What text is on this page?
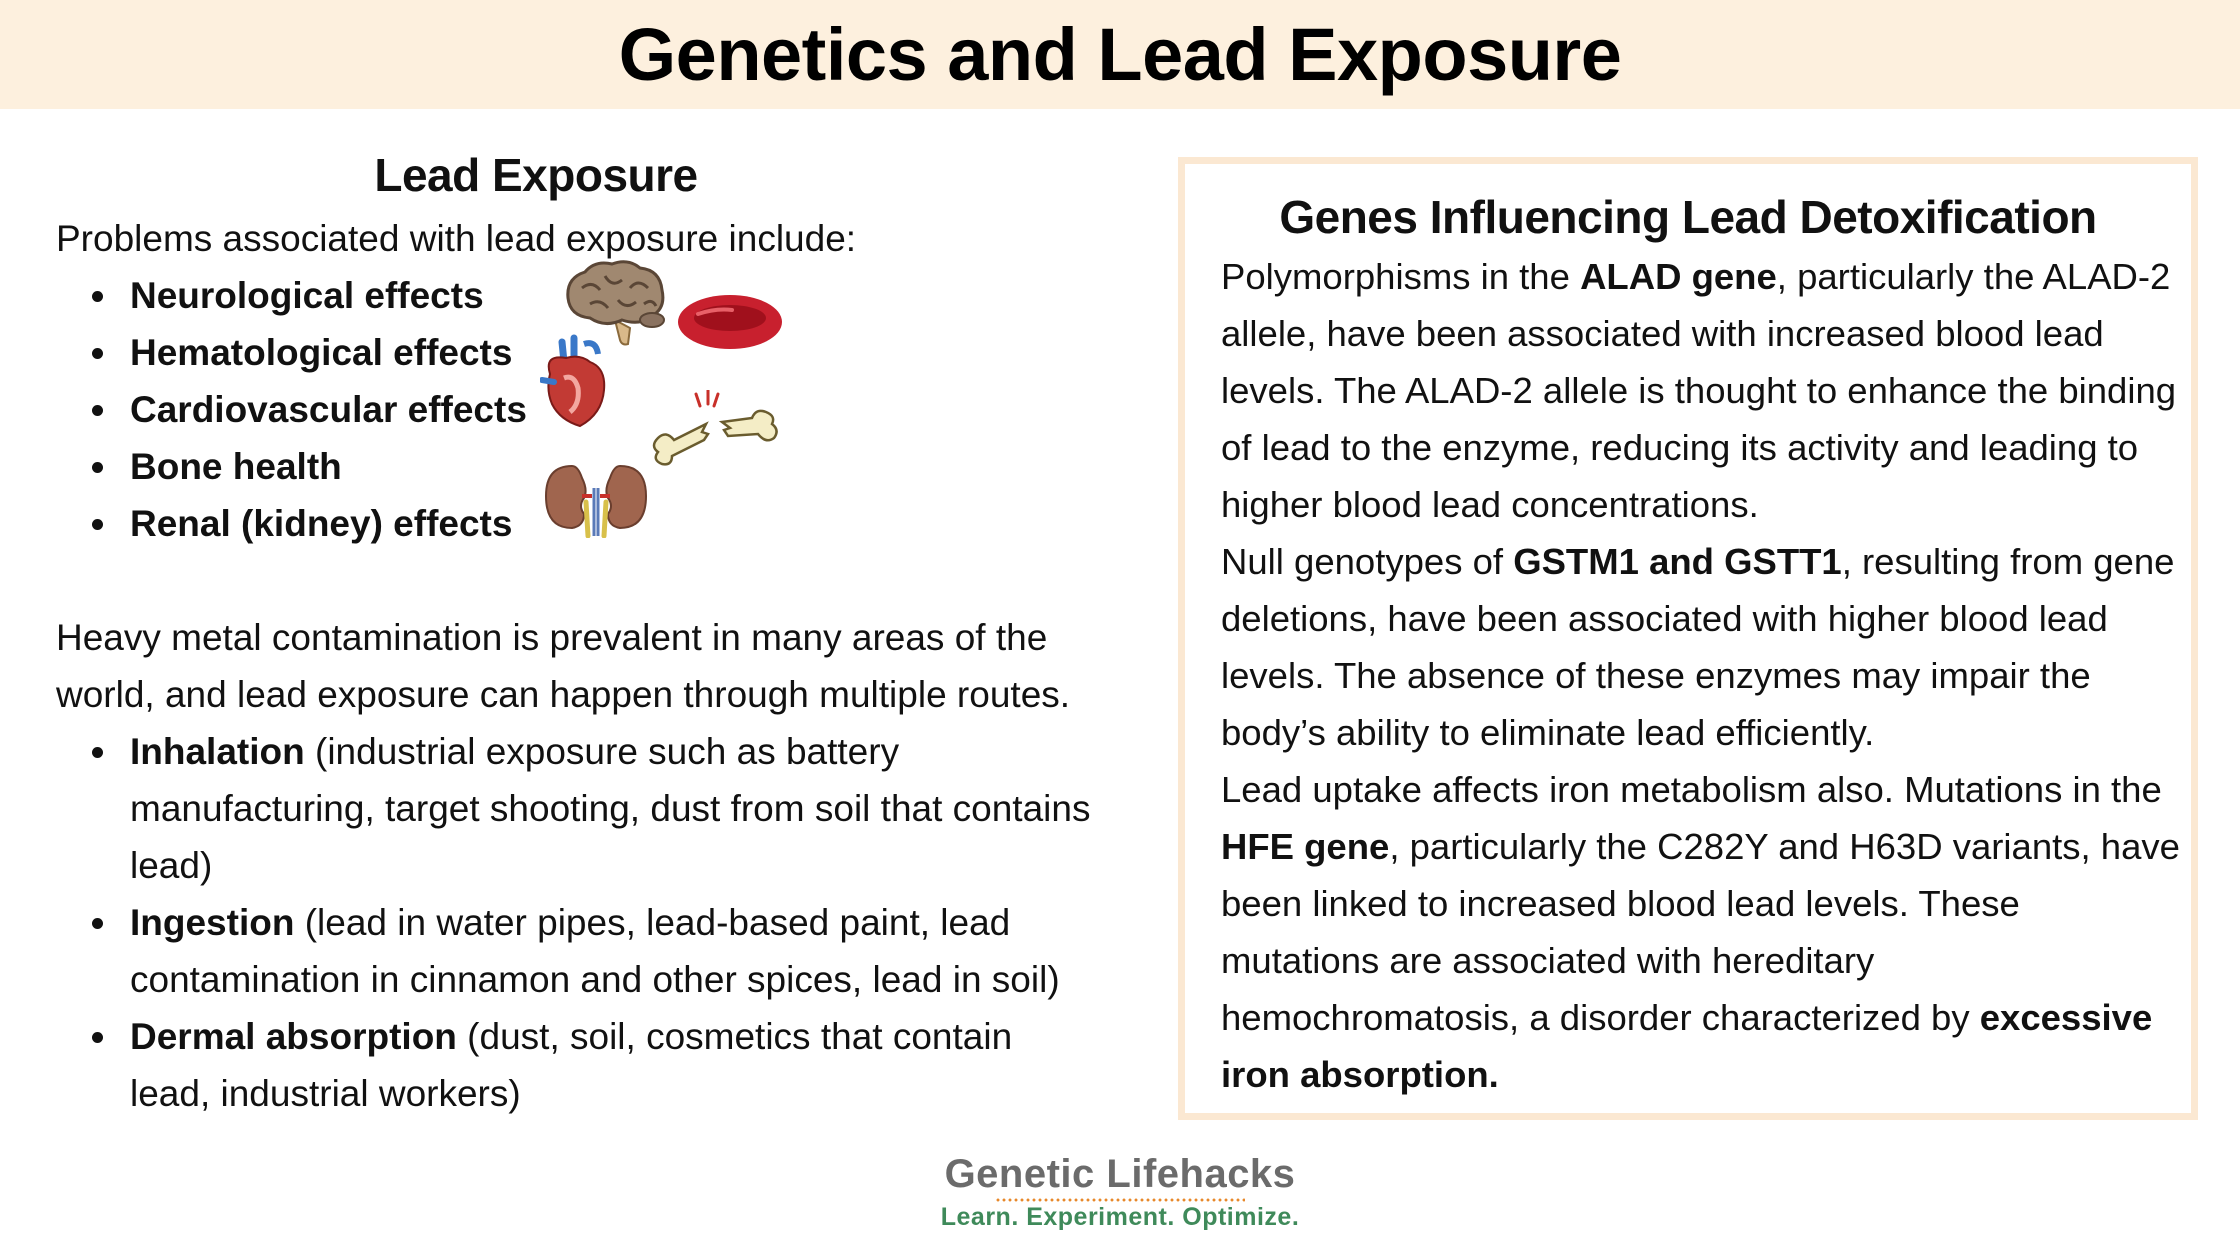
Genetics and Lead Exposure
Lead Exposure

Problems associated with lead exposure include:

Neurological effects
Hematological effects
Cardiovascular effects
Bone health
Renal (kidney) effects

Heavy metal contamination is prevalent in many areas of the

world, and lead exposure can happen through multiple routes.

Inhalation (industrial exposure such as battery manufacturing, target shooting, dust from soil that contains lead)
Ingestion (lead in water pipes, lead-based paint, lead contamination in cinnamon and other spices, lead in soil)
Dermal absorption (dust, soil, cosmetics that contain lead, industrial workers)
Genes Influencing Lead Detoxification

Polymorphisms in the ALAD gene, particularly the ALAD-2 allele, have been associated with increased blood lead levels. The ALAD-2 allele is thought to enhance the binding of lead to the enzyme, reducing its activity and leading to higher blood lead concentrations.

Null genotypes of GSTM1 and GSTT1, resulting from gene deletions, have been associated with higher blood lead levels. The absence of these enzymes may impair the body’s ability to eliminate lead efficiently.

Lead uptake affects iron metabolism also. Mutations in the HFE gene, particularly the C282Y and H63D variants, have been linked to increased blood lead levels. These mutations are associated with hereditary hemochromatosis, a disorder characterized by excessive iron absorption.

Genetic Lifehacks
Learn. Experiment. Optimize.
